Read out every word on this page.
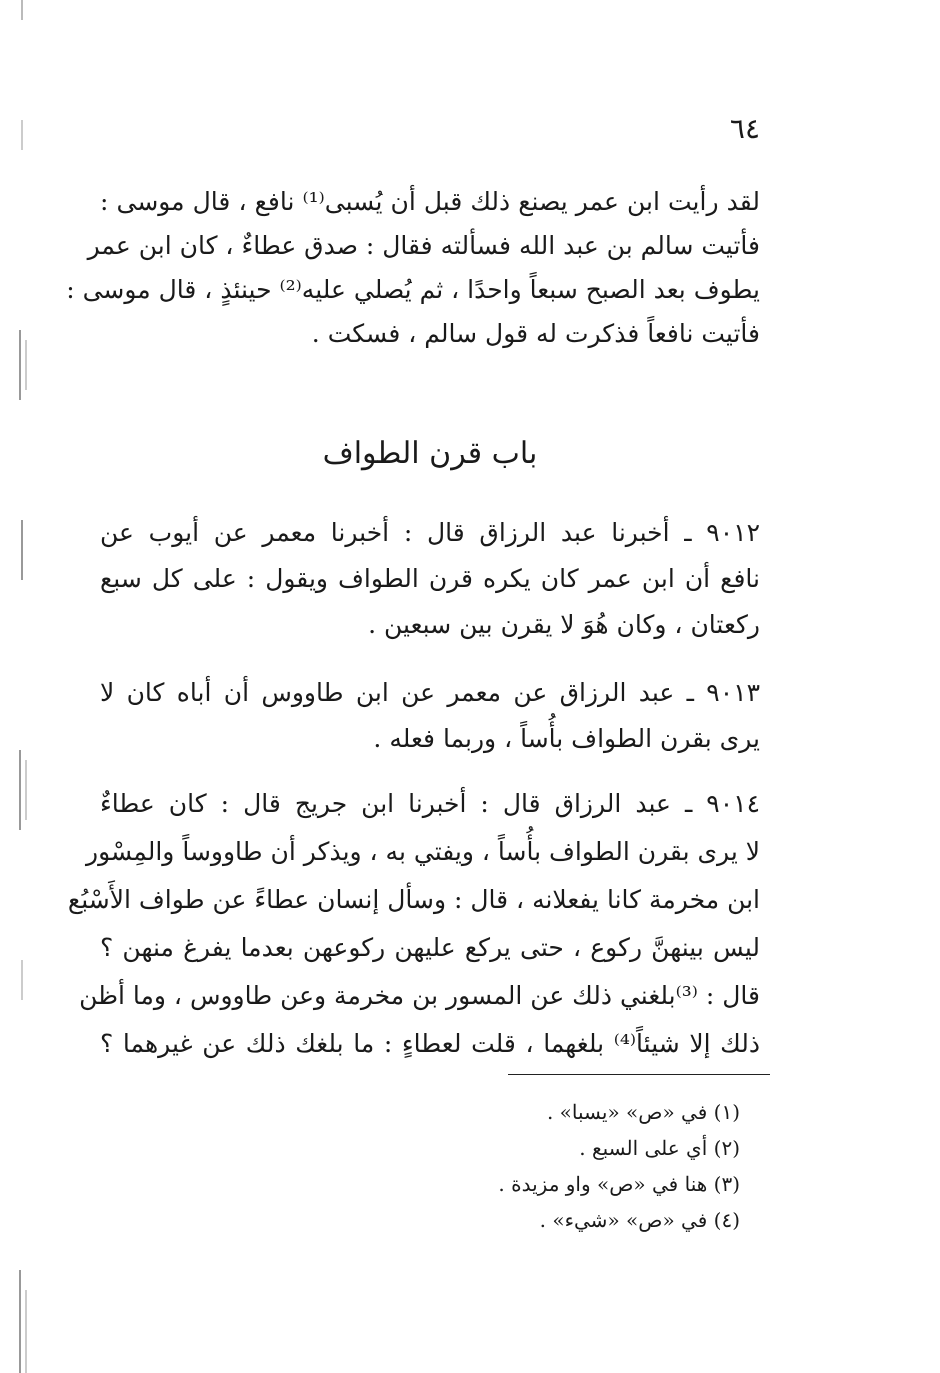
٦٤
لقد رأيت ابن عمر يصنع ذلك قبل أن يُسبى⁽¹⁾ نافع ، قال موسى :
فأتيت سالم بن عبد الله فسألته فقال : صدق عطاءٌ ، كان ابن عمر
يطوف بعد الصبح سبعاً واحدًا ، ثم يُصلي عليه⁽²⁾ حينئذٍ ، قال موسى :
فأتيت نافعاً فذكرت له قول سالم ، فسكت .
باب قرن الطواف
٩٠١٢ ـ أخبرنا عبد الرزاق قال : أخبرنا معمر عن أيوب عن
نافع أن ابن عمر كان يكره قرن الطواف ويقول : على كل سبع
ركعتان ، وكان هُوَ لا يقرن بين سبعين .
٩٠١٣ ـ عبد الرزاق عن معمر عن ابن طاووس أن أباه كان لا
يرى بقرن الطواف بأُساً ، وربما فعله .
٩٠١٤ ـ عبد الرزاق قال : أخبرنا ابن جريج قال : كان عطاءٌ
لا يرى بقرن الطواف بأُساً ، ويفتي به ، ويذكر أن طاووساً والمِسْور
ابن مخرمة كانا يفعلانه ، قال : وسأل إنسان عطاءً عن طواف الأَسْبُع
ليس بينهنَّ ركوع ، حتى يركع عليهن ركوعهن بعدما يفرغ منهن ؟
قال : ⁽³⁾بلغني ذلك عن المسور بن مخرمة وعن طاووس ، وما أظن
ذلك إلا شيئاً⁽⁴⁾ بلغهما ، قلت لعطاءٍ : ما بلغك ذلك عن غيرهما ؟
(١) في «ص» «يسبا» .
(٢) أي على السبع .
(٣) هنا في «ص» واو مزيدة .
(٤) في «ص» «شيء» .
